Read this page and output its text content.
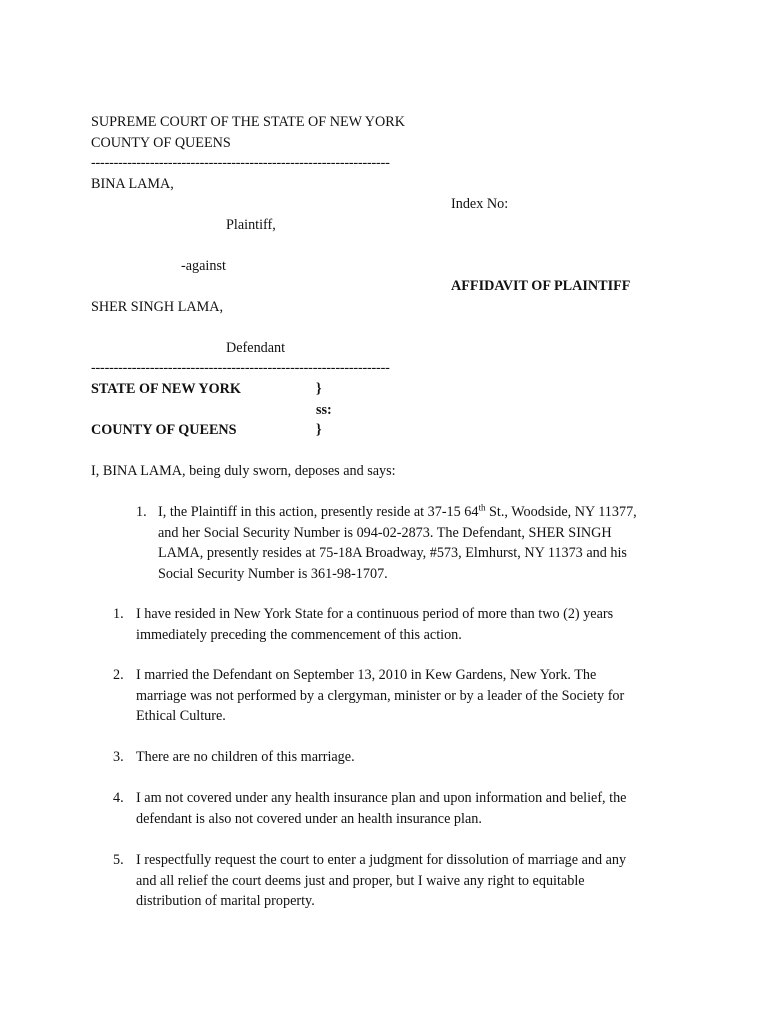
SUPREME COURT OF THE STATE OF NEW YORK
COUNTY OF QUEENS
------------------------------------------------------------------
BINA LAMA,
Index No:
Plaintiff,
-against
AFFIDAVIT OF PLAINTIFF
SHER SINGH LAMA,
Defendant
------------------------------------------------------------------
STATE OF NEW YORK	}
ss:
COUNTY OF QUEENS	}
I, BINA LAMA, being duly sworn, deposes and says:
1. I, the Plaintiff in this action, presently reside at 37-15 64th St., Woodside, NY 11377,
and her Social Security Number is 094-02-2873. The Defendant, SHER SINGH
LAMA, presently resides at 75-18A Broadway, #573, Elmhurst, NY 11373 and his
Social Security Number is 361-98-1707.
1. I have resided in New York State for a continuous period of more than two (2) years
immediately preceding the commencement of this action.
2. I married the Defendant on September 13, 2010 in Kew Gardens, New York. The
marriage was not performed by a clergyman, minister or by a leader of the Society for
Ethical Culture.
3. There are no children of this marriage.
4. I am not covered under any health insurance plan and upon information and belief, the
defendant is also not covered under an health insurance plan.
5. I respectfully request the court to enter a judgment for dissolution of marriage and any
and all relief the court deems just and proper, but I waive any right to equitable
distribution of marital property.
